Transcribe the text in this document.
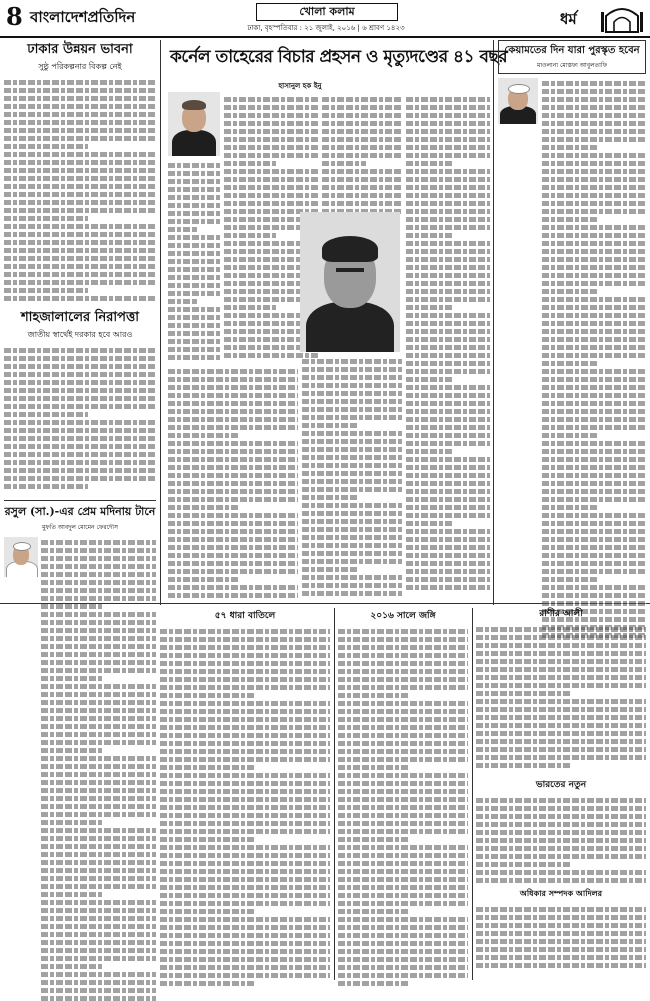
8 বাংলাদেশপ্রতিদিন	খোলা কলাম
ঢাকা, বৃহস্পতিবার : ২১ জুলাই, ২০১৬ | ৬ শ্রাবণ ১৪২৩	ধর্ম
ঢাকার উন্নয়ন ভাবনা
সুষ্ঠু পরিকল্পনার বিকল্প নেই
শাহজালালের নিরাপত্তা
জাতীয় স্বার্থেই দরকার হবে আরও
কর্নেল তাহেরের বিচার প্রহসন ও মৃত্যুদণ্ডের ৪১ বছর
হাসানুল হক ইনু
কেয়ামতের দিন যারা পুরস্কৃত হবেন
মাওলানা মোস্তফা আবুলতাফি
রসুল (সা.)-এর প্রেম মদিনায় টানে
মুফতি আবদুল মোমেন ফেরদৌস
৫৭ ধারা বাতিলে	২০১৬ সালে জঙ্গি	রাণীর আলী
ভারতের নতুন
অধিকার সম্পদক আদিলর
